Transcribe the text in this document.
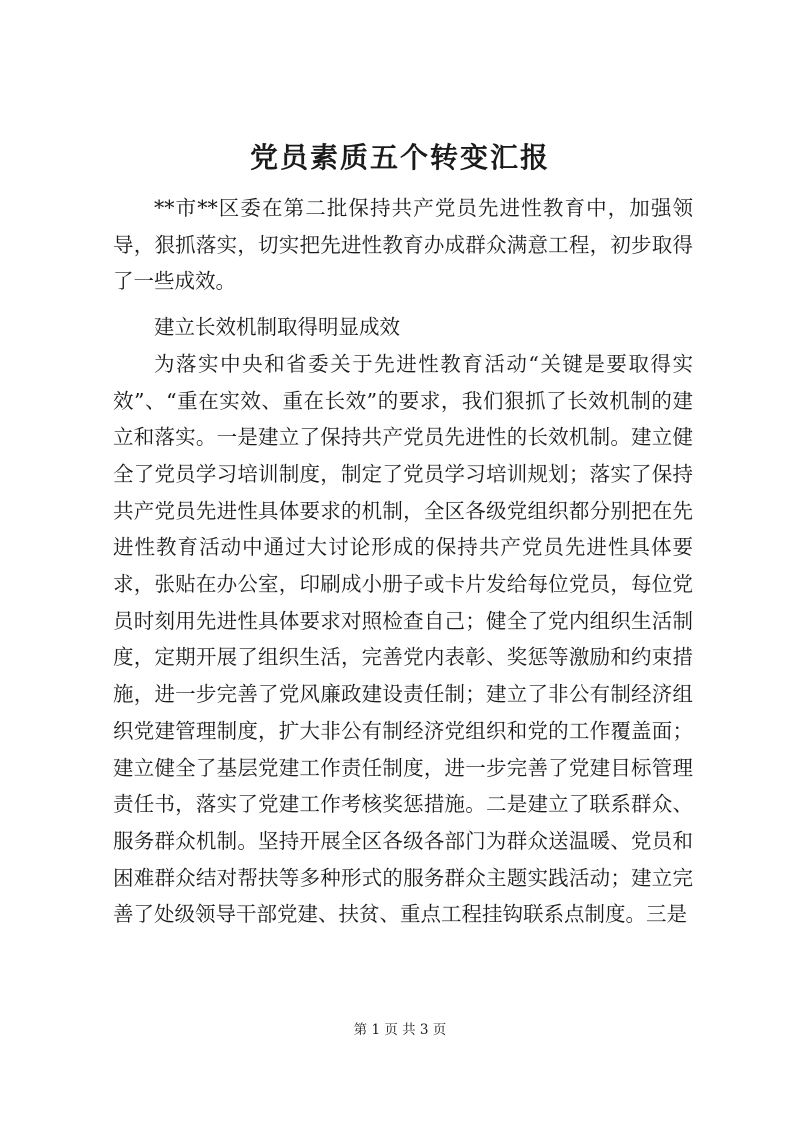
党员素质五个转变汇报

**市**区委在第二批保持共产党员先进性教育中，加强领导，狠抓落实，切实把先进性教育办成群众满意工程，初步取得了一些成效。

建立长效机制取得明显成效

为落实中央和省委关于先进性教育活动“关键是要取得实效”、“重在实效、重在长效”的要求，我们狠抓了长效机制的建立和落实。一是建立了保持共产党员先进性的长效机制。建立健全了党员学习培训制度，制定了党员学习培训规划；落实了保持共产党员先进性具体要求的机制，全区各级党组织都分别把在先进性教育活动中通过大讨论形成的保持共产党员先进性具体要求，张贴在办公室，印刷成小册子或卡片发给每位党员，每位党员时刻用先进性具体要求对照检查自己；健全了党内组织生活制度，定期开展了组织生活，完善党内表彰、奖惩等激励和约束措施，进一步完善了党风廉政建设责任制；建立了非公有制经济组织党建管理制度，扩大非公有制经济党组织和党的工作覆盖面；建立健全了基层党建工作责任制度，进一步完善了党建目标管理责任书，落实了党建工作考核奖惩措施。二是建立了联系群众、服务群众机制。坚持开展全区各级各部门为群众送温暖、党员和困难群众结对帮扶等多种形式的服务群众主题实践活动；建立完善了处级领导干部党建、扶贫、重点工程挂钩联系点制度。三是

第 1 页 共 3 页
